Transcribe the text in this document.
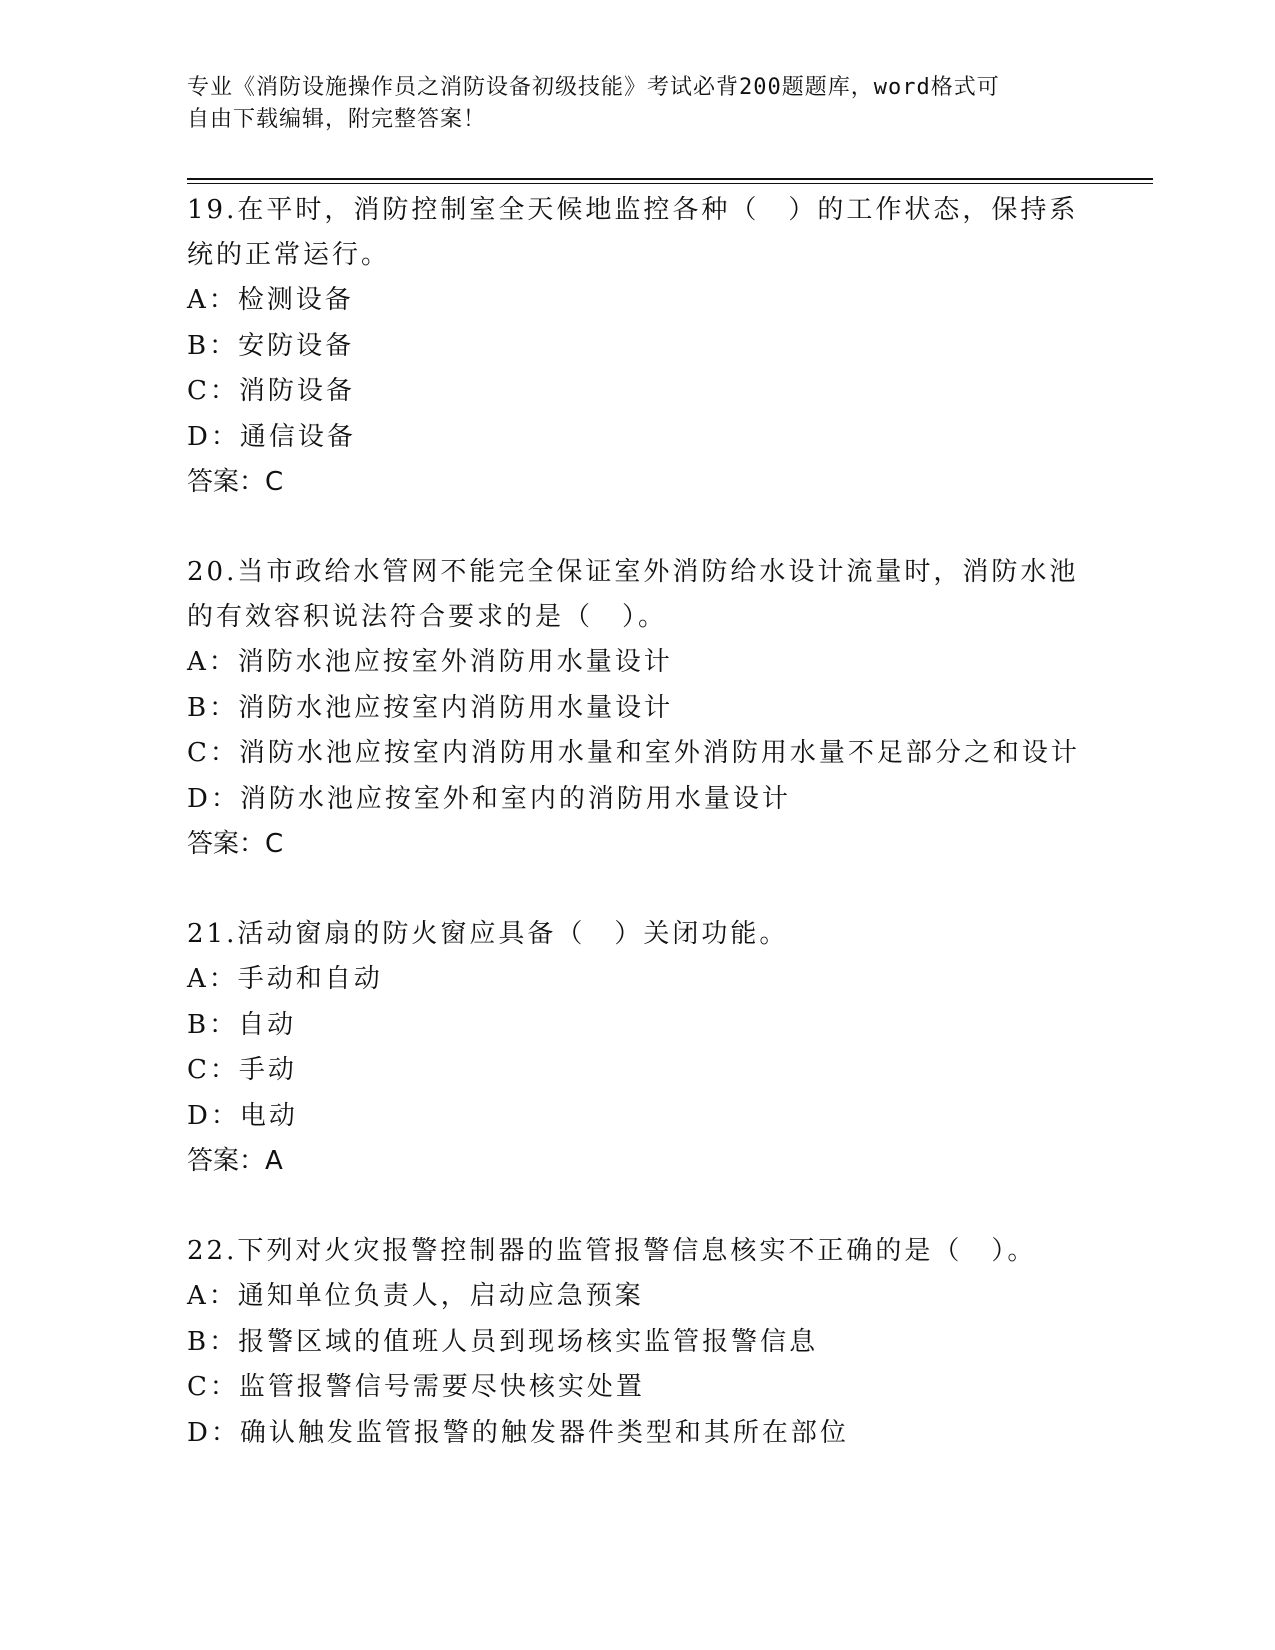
专业《消防设施操作员之消防设备初级技能》考试必背200题题库，word格式可
自由下载编辑，附完整答案！

19.在平时，消防控制室全天候地监控各种（　）的工作状态，保持系统的正常运行。

A：检测设备

B：安防设备

C：消防设备

D：通信设备

答案：C

20.当市政给水管网不能完全保证室外消防给水设计流量时，消防水池的有效容积说法符合要求的是（　）。

A：消防水池应按室外消防用水量设计

B：消防水池应按室内消防用水量设计

C：消防水池应按室内消防用水量和室外消防用水量不足部分之和设计

D：消防水池应按室外和室内的消防用水量设计

答案：C

21.活动窗扇的防火窗应具备（　）关闭功能。

A：手动和自动

B：自动

C：手动

D：电动

答案：A

22.下列对火灾报警控制器的监管报警信息核实不正确的是（　）。

A：通知单位负责人，启动应急预案

B：报警区域的值班人员到现场核实监管报警信息

C：监管报警信号需要尽快核实处置

D：确认触发监管报警的触发器件类型和其所在部位
